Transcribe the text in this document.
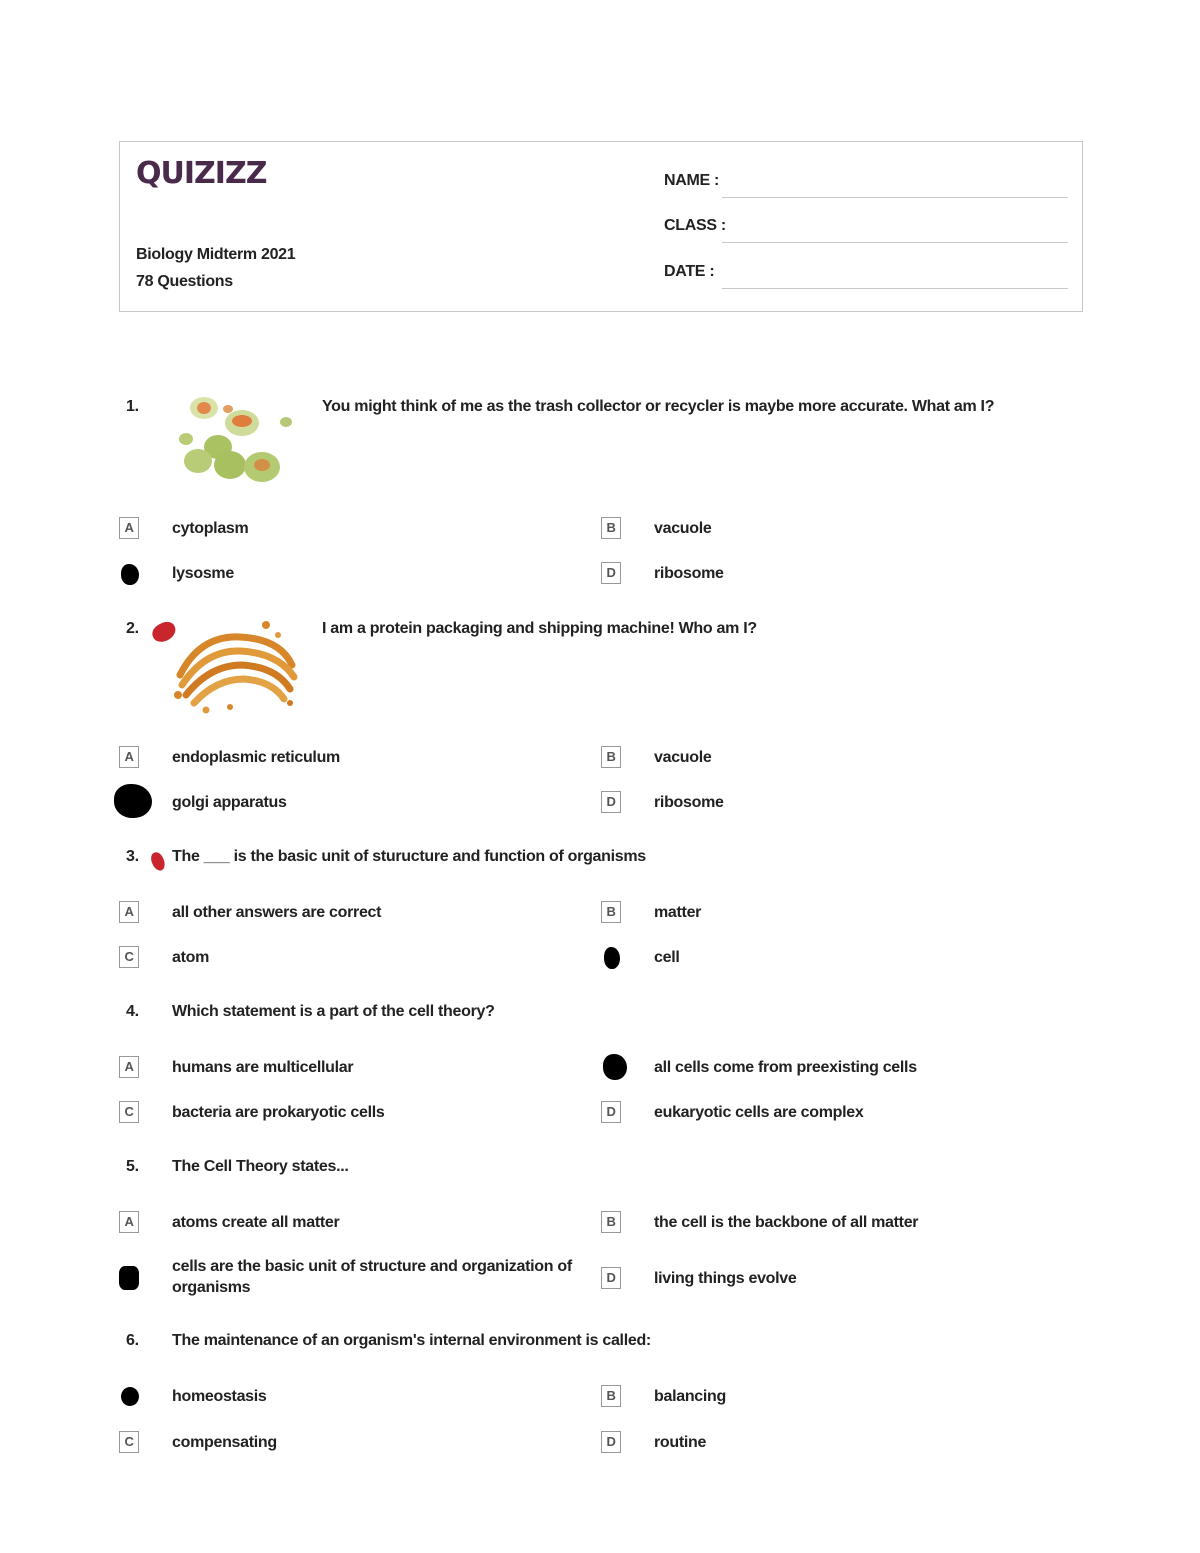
QUIZIZZ
Biology Midterm 2021
78 Questions
NAME :
CLASS :
DATE :
1.	You might think of me as the trash collector or recycler is maybe more accurate. What am I?
A	cytoplasm	B	vacuole
lysosme	D	ribosome
2.	I am a protein packaging and shipping machine! Who am I?
A	endoplasmic reticulum	B	vacuole
golgi apparatus	D	ribosome
3. The ___ is the basic unit of sturucture and function of organisms
A	all other answers are correct	B	matter
C	atom	cell
4. Which statement is a part of the cell theory?
A	humans are multicellular	all cells come from preexisting cells
C	bacteria are prokaryotic cells	D	eukaryotic cells are complex
5. The Cell Theory states...
A	atoms create all matter	B	the cell is the backbone of all matter
cells are the basic unit of structure and organization of organisms
D	living things evolve
6. The maintenance of an organism's internal environment is called:
homeostasis	B	balancing
C	compensating	D	routine
